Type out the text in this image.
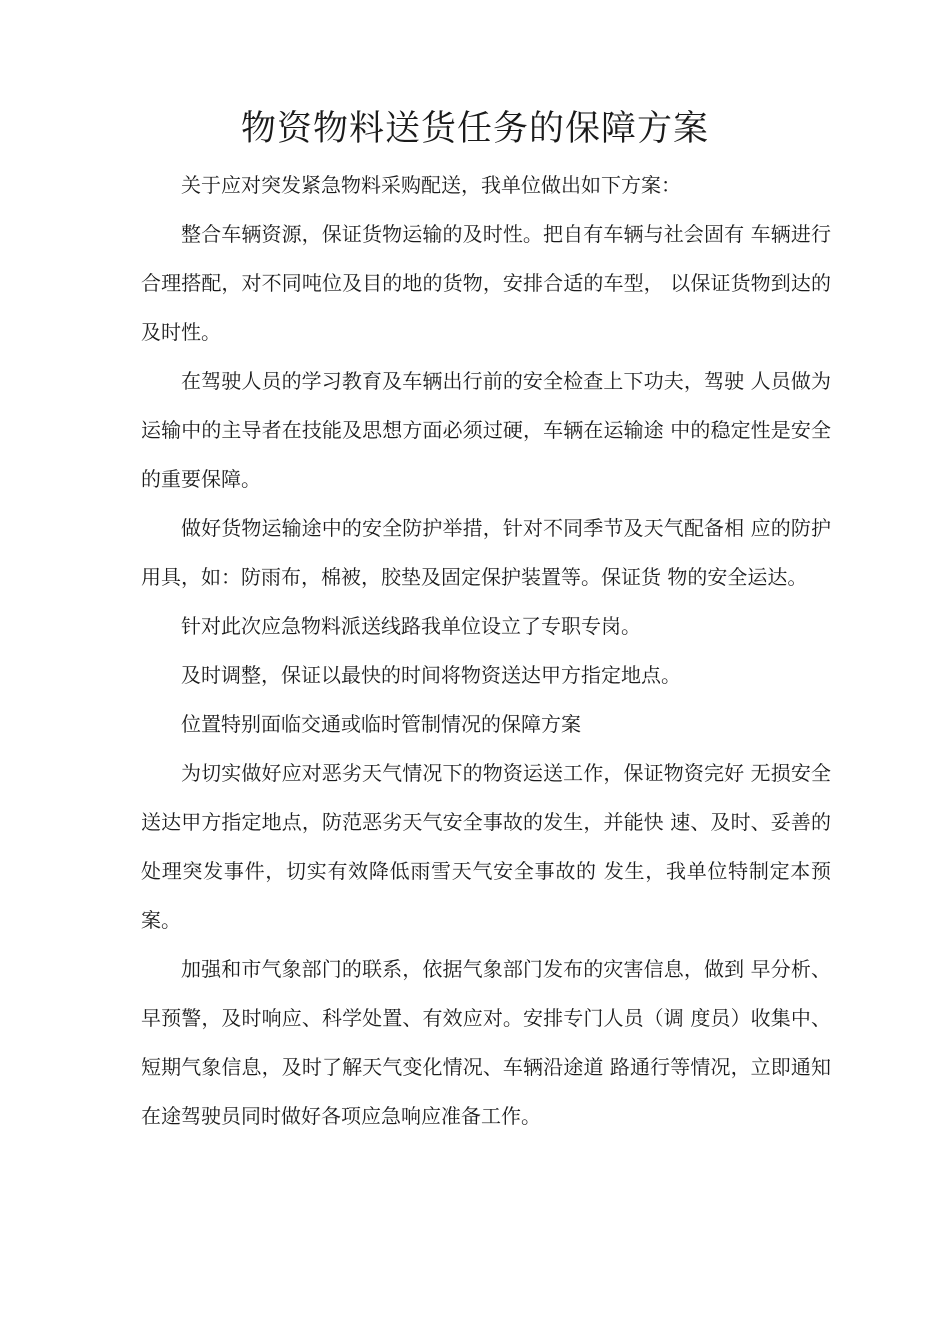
物资物料送货任务的保障方案

关于应对突发紧急物料采购配送，我单位做出如下方案：

整合车辆资源，保证货物运输的及时性。把自有车辆与社会固有 车辆进行合理搭配，对不同吨位及目的地的货物，安排合适的车型， 以保证货物到达的及时性。

在驾驶人员的学习教育及车辆出行前的安全检查上下功夫，驾驶 人员做为运输中的主导者在技能及思想方面必须过硬，车辆在运输途 中的稳定性是安全的重要保障。

做好货物运输途中的安全防护举措，针对不同季节及天气配备相 应的防护用具，如：防雨布，棉被，胶垫及固定保护装置等。保证货 物的安全运达。

针对此次应急物料派送线路我单位设立了专职专岗。

及时调整，保证以最快的时间将物资送达甲方指定地点。

位置特别面临交通或临时管制情况的保障方案

为切实做好应对恶劣天气情况下的物资运送工作，保证物资完好 无损安全送达甲方指定地点，防范恶劣天气安全事故的发生，并能快 速、及时、妥善的处理突发事件，切实有效降低雨雪天气安全事故的 发生，我单位特制定本预案。

加强和市气象部门的联系，依据气象部门发布的灾害信息，做到 早分析、早预警，及时响应、科学处置、有效应对。安排专门人员（调 度员）收集中、短期气象信息，及时了解天气变化情况、车辆沿途道 路通行等情况，立即通知在途驾驶员同时做好各项应急响应准备工作。
